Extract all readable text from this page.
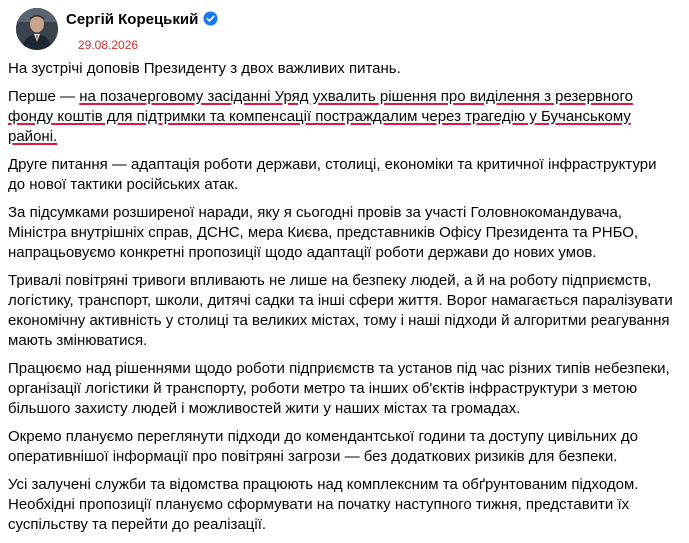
Сергій Корецький
29.08.2026

На зустрічі доповів Президенту з двох важливих питань.

Перше — на позачерговому засіданні Уряд ухвалить рішення про виділення з резервного фонду коштів для підтримки та компенсації постраждалим через трагедію у Бучанському районі.

Друге питання — адаптація роботи держави, столиці, економіки та критичної інфраструктури до нової тактики російських атак.

За підсумками розширеної наради, яку я сьогодні провів за участі Головнокомандувача, Міністра внутрішніх справ, ДСНС, мера Києва, представників Офісу Президента та РНБО, напрацьовуємо конкретні пропозиції щодо адаптації роботи держави до нових умов.

Тривалі повітряні тривоги впливають не лише на безпеку людей, а й на роботу підприємств, логістику, транспорт, школи, дитячі садки та інші сфери життя. Ворог намагається паралізувати економічну активність у столиці та великих містах, тому і наші підходи й алгоритми реагування мають змінюватися.

Працюємо над рішеннями щодо роботи підприємств та установ під час різних типів небезпеки, організації логістики й транспорту, роботи метро та інших об'єктів інфраструктури з метою більшого захисту людей і можливостей жити у наших містах та громадах.

Окремо плануємо переглянути підходи до комендантської години та доступу цивільних до оперативнішої інформації про повітряні загрози — без додаткових ризиків для безпеки.

Усі залучені служби та відомства працюють над комплексним та обґрунтованим підходом. Необхідні пропозиції плануємо сформувати на початку наступного тижня, представити їх суспільству та перейти до реалізації.
